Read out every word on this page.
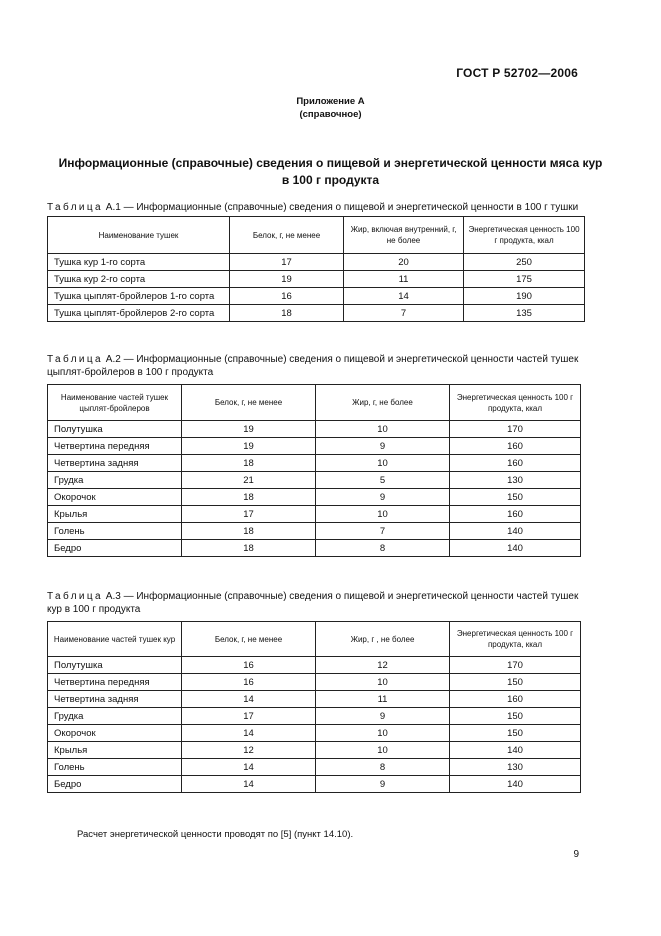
ГОСТ Р 52702—2006
Приложение А
(справочное)
Информационные (справочные) сведения о пищевой и энергетической ценности мяса кур
в 100 г продукта
Таблица А.1 — Информационные (справочные) сведения о пищевой и энергетической ценности в 100 г тушки
Наименование тушек	Белок, г, не менее	Жир, включая внутренний, г, не более	Энергетическая ценность 100 г продукта, ккал
Тушка кур 1-го сорта	17	20	250
Тушка кур 2-го сорта	19	11	175
Тушка цыплят-бройлеров 1-го сорта	16	14	190
Тушка цыплят-бройлеров 2-го сорта	18	7	135
Таблица А.2 — Информационные (справочные) сведения о пищевой и энергетической ценности частей тушек цыплят-бройлеров в 100 г продукта
Наименование частей тушек цыплят-бройлеров	Белок, г, не менее	Жир, г, не более	Энергетическая ценность 100 г продукта, ккал
Полутушка	19	10	170
Четвертина передняя	19	9	160
Четвертина задняя	18	10	160
Грудка	21	5	130
Окорочок	18	9	150
Крылья	17	10	160
Голень	18	7	140
Бедро	18	8	140
Таблица А.3 — Информационные (справочные) сведения о пищевой и энергетической ценности частей тушек кур в 100 г продукта
Наименование частей тушек кур	Белок, г, не менее	Жир, г , не более	Энергетическая ценность 100 г продукта, ккал
Полутушка	16	12	170
Четвертина передняя	16	10	150
Четвертина задняя	14	11	160
Грудка	17	9	150
Окорочок	14	10	150
Крылья	12	10	140
Голень	14	8	130
Бедро	14	9	140
Расчет энергетической ценности проводят по [5] (пункт 14.10).
9
